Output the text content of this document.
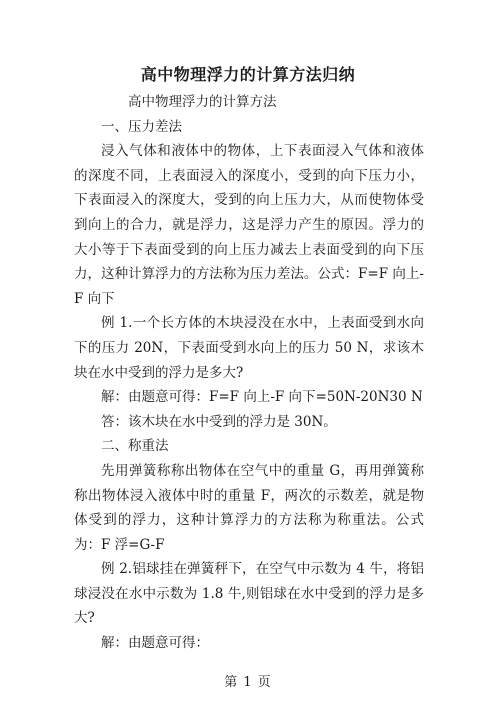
高中物理浮力的计算方法归纳

高中物理浮力的计算方法

一、压力差法

浸入气体和液体中的物体，上下表面浸入气体和液体的深度不同，上表面浸入的深度小，受到的向下压力小，下表面浸入的深度大，受到的向上压力大，从而使物体受到向上的合力，就是浮力，这是浮力产生的原因。浮力的大小等于下表面受到的向上压力减去上表面受到的向下压力，这种计算浮力的方法称为压力差法。公式：F=F 向上-F 向下

例 1.一个长方体的木块浸没在水中，上表面受到水向下的压力 20N，下表面受到水向上的压力 50 N，求该木块在水中受到的浮力是多大?

解：由题意可得：F=F 向上-F 向下=50N-20N30 N

答：该木块在水中受到的浮力是 30N。

二、称重法

先用弹簧称称出物体在空气中的重量 G，再用弹簧称称出物体浸入液体中时的重量 F，两次的示数差，就是物体受到的浮力，这种计算浮力的方法称为称重法。公式为：F 浮=G-F

例 2.铝球挂在弹簧秤下，在空气中示数为 4 牛，将铝球浸没在水中示数为 1.8 牛,则铝球在水中受到的浮力是多大?

解：由题意可得：

第 1 页
